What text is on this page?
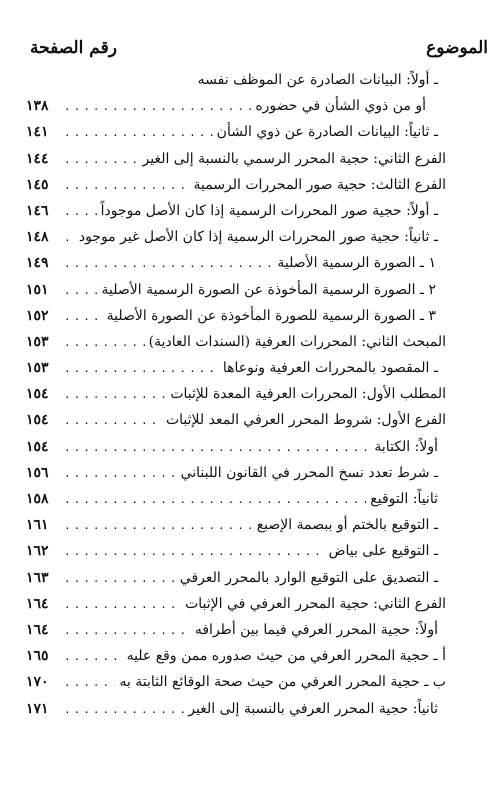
الموضوع
رقم الصفحة
ـ أولاً: البيانات الصادرة عن الموظف نفسه
أو من ذوي الشأن في حضوره
.....
١٣٨
ـ ثانياً: البيانات الصادرة عن ذوي الشأن
.....
١٤١
الفرع الثاني: حجية المحرر الرسمي بالنسبة إلى الغير
.....
١٤٤
الفرع الثالث: حجية صور المحررات الرسمية
.....
١٤٥
ـ أولاً: حجية صور المحررات الرسمية إذا كان الأصل موجوداً
.....
١٤٦
ـ ثانياً: حجية صور المحررات الرسمية إذا كان الأصل غير موجود
.....
١٤٨
١ ـ الصورة الرسمية الأصلية
.....
١٤٩
٢ ـ الصورة الرسمية المأخوذة عن الصورة الرسمية الأصلية
.....
١٥١
٣ ـ الصورة الرسمية للصورة المأخوذة عن الصورة الأصلية
.....
١٥٢
المبحث الثاني: المحررات العرفية (السندات العادية)
.....
١٥٣
ـ المقصود بالمحررات العرفية ونوعاها
.....
١٥٣
المطلب الأول: المحررات العرفية المعدة للإثبات
.....
١٥٤
الفرع الأول: شروط المحرر العرفي المعد للإثبات
.....
١٥٤
أولاً: الكتابة
.....
١٥٤
ـ شرط تعدد نسخ المحرر في القانون اللبناني
.....
١٥٦
ثانياً: التوقيع
.....
١٥٨
ـ التوقيع بالختم أو ببصمة الإصبع
.....
١٦١
ـ التوقيع على بياض
.....
١٦٢
ـ التصديق على التوقيع الوارد بالمحرر العرفي
.....
١٦٣
الفرع الثاني: حجية المحرر العرفي في الإثبات
.....
١٦٤
أولاً: حجية المحرر العرفي فيما بين أطرافه
.....
١٦٤
أ ـ حجية المحرر العرفي من حيث صدوره ممن وقع عليه
.....
١٦٥
ب ـ حجية المحرر العرفي من حيث صحة الوقائع الثابتة به
.....
١٧٠
ثانياً: حجية المحرر العرفي بالنسبة إلى الغير
.....
١٧١
